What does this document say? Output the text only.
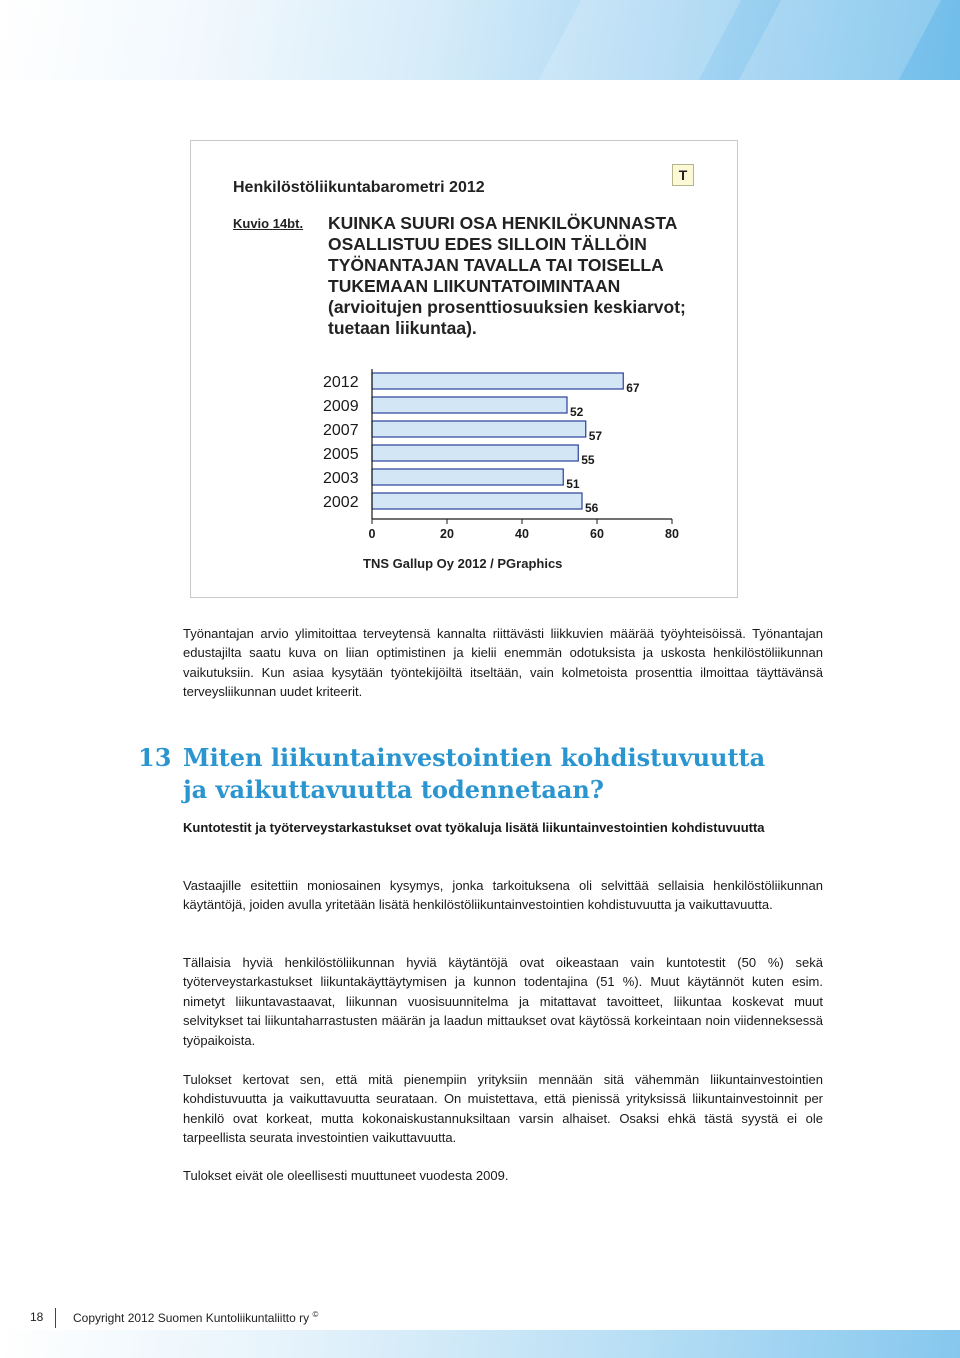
Henkilöstöliikuntabarometri 2012
T
Kuvio 14bt. KUINKA SUURI OSA HENKILÖKUNNASTA OSALLISTUU EDES SILLOIN TÄLLÖIN TYÖNANTAJAN TAVALLA TAI TOISELLA TUKEMAAN LIIKUNTATOIMINTAAN (arvioitujen prosenttiosuuksien keskiarvot; tuetaan liikuntaa).
2012	67
2009	52
2007	57
2005	55
2003	51
2002	56
0	20	40	60	80
TNS Gallup Oy 2012 / PGraphics

Työnantajan arvio ylimitoittaa terveytensä kannalta riittävästi liikkuvien määrää työyhteisöissä. Työnantajan edustajilta saatu kuva on liian optimistinen ja kielii enemmän odotuksista ja uskosta henkilöstöliikunnan vaikutuksiin. Kun asiaa kysytään työntekijöiltä itseltään, vain kolmetoista prosenttia ilmoittaa täyttävänsä terveysliikunnan uudet kriteerit.

13 Miten liikuntainvestointien kohdistuvuutta
ja vaikuttavuutta todennetaan?
Kuntotestit ja työterveystarkastukset ovat työkaluja lisätä liikuntainvestointien kohdistuvuutta

Vastaajille esitettiin moniosainen kysymys, jonka tarkoituksena oli selvittää sellaisia henkilöstöliikunnan käytäntöjä, joiden avulla yritetään lisätä henkilöstöliikuntainvestointien kohdistuvuutta ja vaikuttavuutta.

Tällaisia hyviä henkilöstöliikunnan hyviä käytäntöjä ovat oikeastaan vain kuntotestit (50 %) sekä työterveystarkastukset liikuntakäyttäytymisen ja kunnon todentajina (51 %). Muut käytännöt kuten esim. nimetyt liikuntavastaavat, liikunnan vuosisuunnitelma ja mitattavat tavoitteet, liikuntaa koskevat muut selvitykset tai liikuntaharrastusten määrän ja laadun mittaukset ovat käytössä korkeintaan noin viidenneksessä työpaikoista.

Tulokset kertovat sen, että mitä pienempiin yrityksiin mennään sitä vähemmän liikuntainvestointien kohdistuvuutta ja vaikuttavuutta seurataan. On muistettava, että pienissä yrityksissä liikuntainvestoinnit per henkilö ovat korkeat, mutta kokonaiskustannuksiltaan varsin alhaiset. Osaksi ehkä tästä syystä ei ole tarpeellista seurata investointien vaikuttavuutta.

Tulokset eivät ole oleellisesti muuttuneet vuodesta 2009.

18 Copyright 2012 Suomen Kuntoliikuntaliitto ry ©
